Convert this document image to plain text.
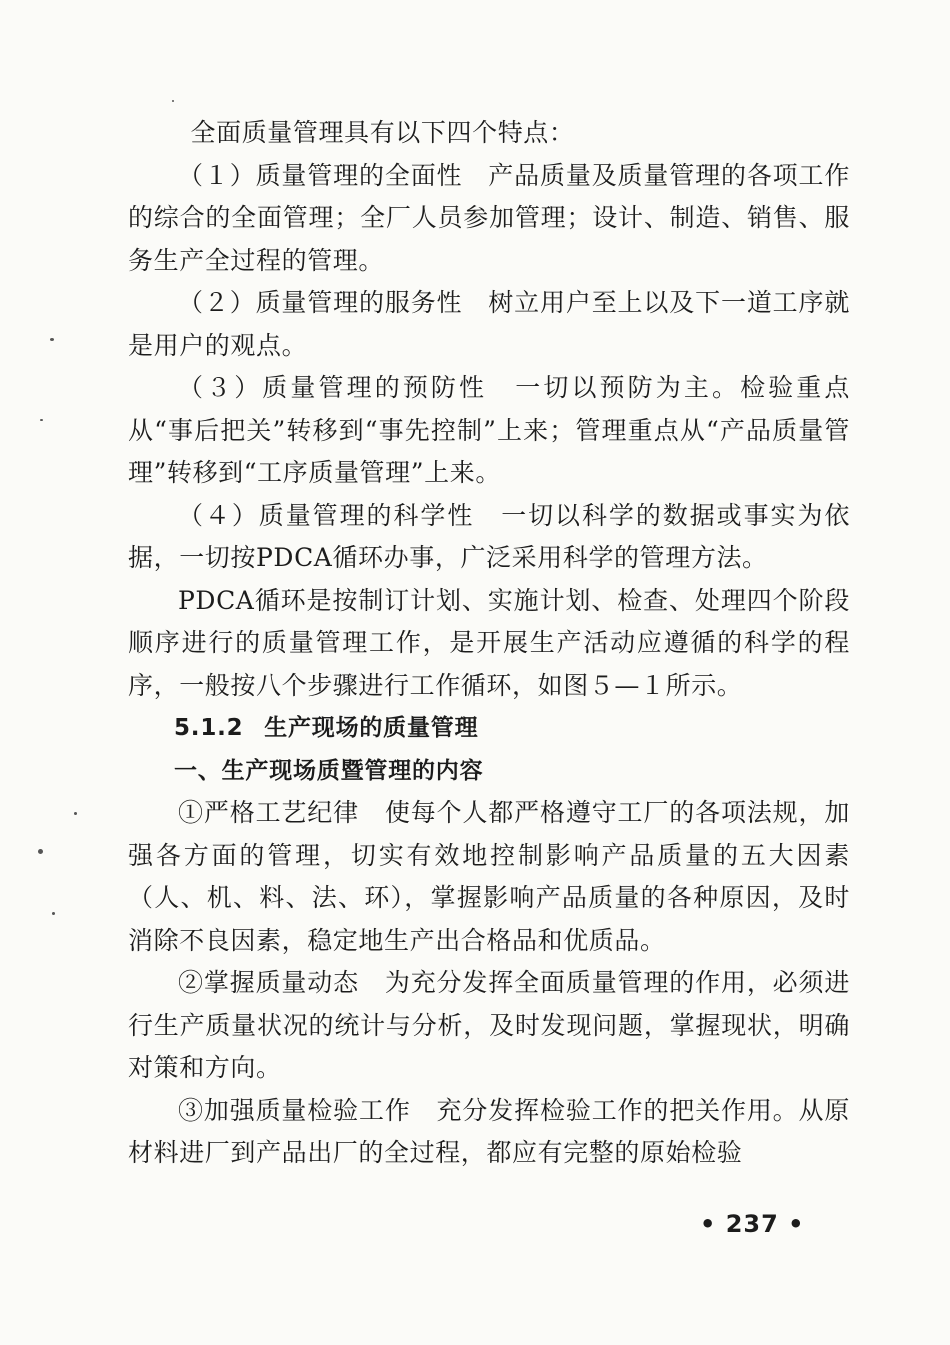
全面质量管理具有以下四个特点：

（１）质量管理的全面性　产品质量及质量管理的各项工作的综合的全面管理；全厂人员参加管理；设计、制造、销售、服务生产全过程的管理。

（２）质量管理的服务性　树立用户至上以及下一道工序就是用户的观点。

（３）质量管理的预防性　一切以预防为主。检验重点从“事后把关”转移到“事先控制”上来；管理重点从“产品质量管理”转移到“工序质量管理”上来。

（４）质量管理的科学性　一切以科学的数据或事实为依据，一切按PDCA循环办事，广泛采用科学的管理方法。

PDCA循环是按制订计划、实施计划、检查、处理四个阶段顺序进行的质量管理工作，是开展生产活动应遵循的科学的程序，一般按八个步骤进行工作循环，如图５—１所示。

5.1.2 生产现场的质量管理

一、生产现场质暨管理的内容

①严格工艺纪律　使每个人都严格遵守工厂的各项法规，加强各方面的管理，切实有效地控制影响产品质量的五大因素（人、机、料、法、环），掌握影响产品质量的各种原因，及时消除不良因素，稳定地生产出合格品和优质品。

②掌握质量动态　为充分发挥全面质量管理的作用，必须进行生产质量状况的统计与分析，及时发现问题，掌握现状，明确对策和方向。

③加强质量检验工作　充分发挥检验工作的把关作用。从原材料进厂到产品出厂的全过程，都应有完整的原始检验

• 237 •
